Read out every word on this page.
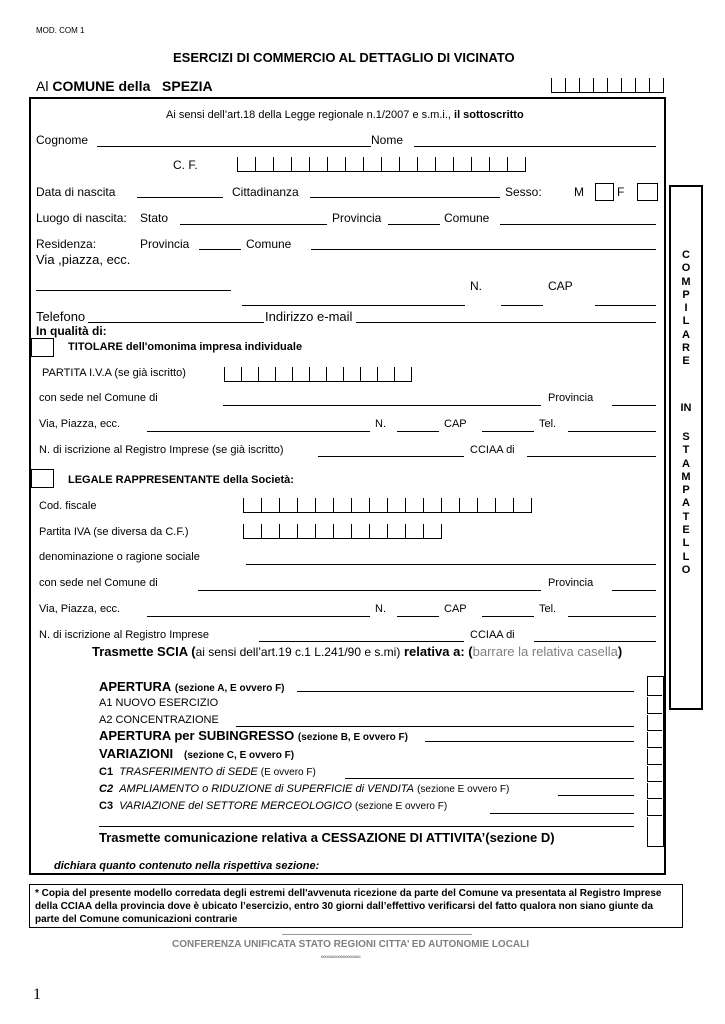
MOD. COM 1
ESERCIZI DI COMMERCIO AL DETTAGLIO DI VICINATO
Al COMUNE della SPEZIA
C
O
M
P
I
L
A
R
E
IN
S
T
A
M
P
A
T
E
L
L
O
Ai sensi dell’art.18 della Legge regionale n.1/2007 e s.m.i., il sottoscritto
Cognome	Nome
C. F.
Data di nascita	Cittadinanza	Sesso:	M	F
Luogo di nascita: Stato	Provincia	Comune
Residenza:	Provincia	Comune
Via ,piazza, ecc.
N.	CAP
Telefono	Indirizzo e-mail
In qualità di:
TITOLARE dell'omonima impresa individuale
PARTITA I.V.A (se già iscritto)
con sede nel Comune di	Provincia
Via, Piazza, ecc.	N.	CAP	Tel.
N. di iscrizione al Registro Imprese (se già iscritto)	CCIAA di
LEGALE RAPPRESENTANTE della Società:
Cod. fiscale
Partita IVA (se diversa da C.F.)
denominazione o ragione sociale
con sede nel Comune di	Provincia
Via, Piazza, ecc.	N.	CAP	Tel.
N. di iscrizione al Registro Imprese	CCIAA di
Trasmette SCIA (ai sensi dell’art.19 c.1 L.241/90 e s.mi) relativa a: (barrare la relativa casella)
APERTURA (sezione A, E ovvero F)
A1 NUOVO ESERCIZIO
A2 CONCENTRAZIONE
APERTURA per SUBINGRESSO (sezione B, E ovvero F)
VARIAZIONI (sezione C, E ovvero F)
C1 TRASFERIMENTO di SEDE (E ovvero F)
C2 AMPLIAMENTO o RIDUZIONE di SUPERFICIE di VENDITA (sezione E ovvero F)
C3 VARIAZIONE del SETTORE MERCEOLOGICO (sezione E ovvero F)
Trasmette comunicazione relativa a CESSAZIONE DI ATTIVITA’(sezione D)
dichiara quanto contenuto nella rispettiva sezione:
* Copia del presente modello corredata degli estremi dell'avvenuta ricezione da parte del Comune va presentata al Registro Imprese della CCIAA della provincia dove è ubicato l’esercizio, entro 30 giorni dall’effettivo verificarsi del fatto qualora non siano giunte da parte del Comune comunicazioni contrarie
CONFERENZA UNIFICATA STATO REGIONI CITTA’ ED AUTONOMIE LOCALI
ºººººººººººººººººº
1
